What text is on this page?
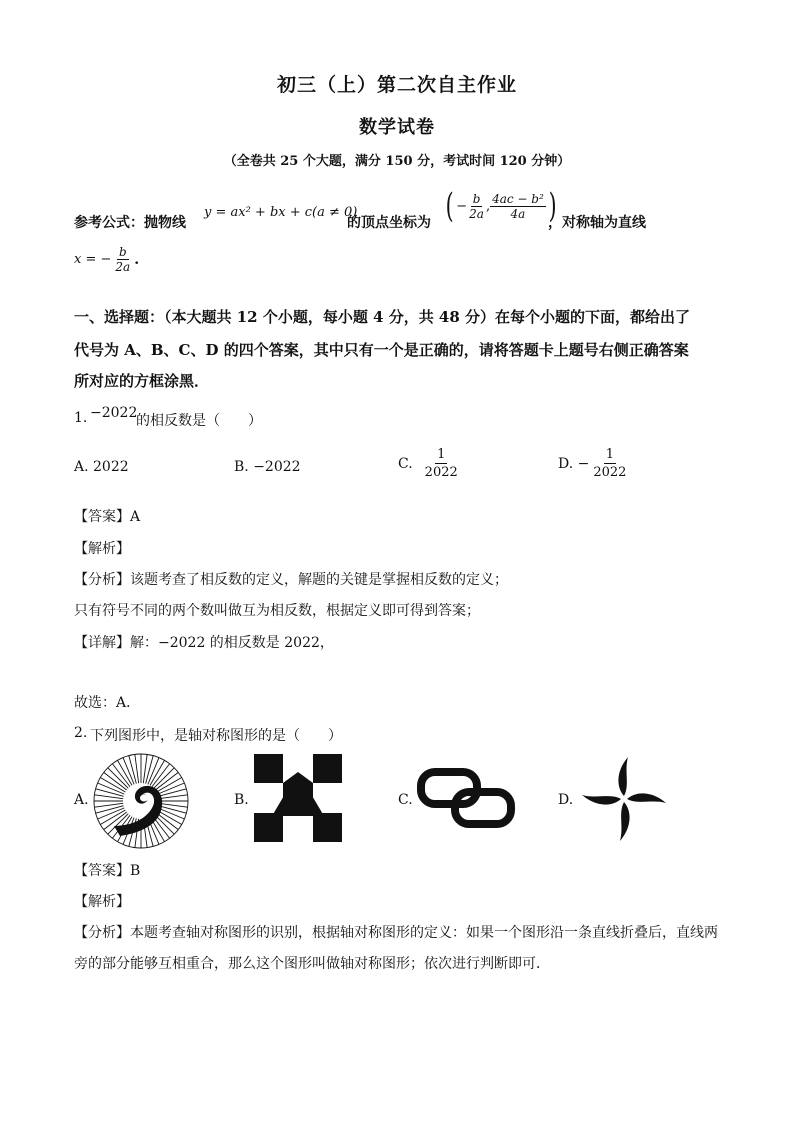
初三（上）第二次自主作业
数学试卷
（全卷共 25 个大题，满分 150 分，考试时间 120 分钟）
参考公式：抛物线
y = ax² + bx + c(a ≠ 0)
的顶点坐标为 ( − $\frac{b}{2a}$ , $\frac{\text{4ac − b²}}{4a}$ )
，对称轴为直线
x = − $\frac{b}{2a}$ .
一、选择题：（本大题共 12 个小题，每小题 4 分，共 48 分）在每个小题的下面，都给出了
代号为 A、B、C、D 的四个答案，其中只有一个是正确的，请将答题卡上题号右侧正确答案
所对应的方框涂黑．
1. −2022
的相反数是（　　）
A. 2022	B. −2022	C. $\frac{1}{2022}$	D. − $\frac{1}{2022}$
【答案】A
【解析】
【分析】该题考查了相反数的定义，解题的关键是掌握相反数的定义；
只有符号不同的两个数叫做互为相反数，根据定义即可得到答案；
【详解】解：−2022 的相反数是 2022，
故选：A．
2. 下列图形中，是轴对称图形的是（　　）
A.	B.	C.	D.
【答案】B
【解析】
【分析】本题考查轴对称图形的识别，根据轴对称图形的定义：如果一个图形沿一条直线折叠后，直线两
旁的部分能够互相重合，那么这个图形叫做轴对称图形；依次进行判断即可．
